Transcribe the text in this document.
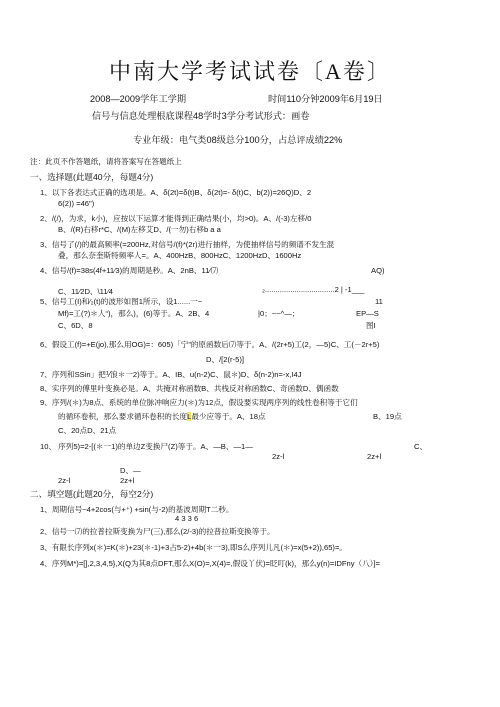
中南大学考试试卷〔A卷〕
2008—2009学年工学期	时间110分钟2009年6月19日
信号与信息处理根底课程48学时3学分考试形式：画卷
专业年级：电气类08级总分100分，占总评成绩22%
注：此页不作答题纸，请将答案写在答题纸上
一、选择题(此题40分，每题4分)
1、以下各表达式正确的选项是。A、δ(2t)=δ(t)B、δ(2t)=- δ(t)C、b(2))=26Q)D、2
6(2)) =46")
2、/(/)，为求，k小)，应按以下运算才能得到正确结果(小，均>0)。A、/(-3)左移/0
B、/(R)右移r*C、/(M)左移艾D、/(一勿)右移b a a
3、信号了(/)的最高频率(=200Hz,对信号/(f)*(2r)进行抽样，为使抽样信号的频谱不发生混
叠，那么奈奎斯特频率人=。A、400HzB、800HzC、1200HzD、1600Hz
4、信号/(f)=38s(4f+11⁄3)的周期是秒。A、2nB、11⁄⑺	AQ)
C、11⁄2D、\11⁄4	₂.................................2 | -1___
5、信号工(I)和⁄₂(t)的波形如图1所示，设1......一~	11
Mf)=工(?)＊人“)，那么)，(6)等于。A、2B、4	|0；~~^—；	EP—S
C、6D、8	图I
6、假设工(f)=+E(jo),那么用OG)=：605)「宁”的原函数后⑺等于。A、/(2r+5)工(2，—5)C、工(－2r+5)
D、/[2(r-5)]
7、序列和SSin」把⅟浪＊一2)等于。A、IB、u(n-2)C、鼠＊)D、δ(n-2)n=-x,I4J
8、实序列的傅里叶变换必是。A、共掩对称函数B、共栈反对称函数C、奇函数D、偶函数
9、序列/(＊)为8点、系统的单位脉冲响应力(＊)为12点，假设要实现两序列的线性卷积等于它们
的循环卷积，那么要求循环卷积的长度L最少应等于。A、18点	B、19点
C、20点D、21点
10、 序列5)=2-[(＊一1)的单边Z变换尸(Z)等于。A、—B、—1—	C、
2z-l	2z+l
D、—
2z-l	2z+l
二、填空题(此题20分，每空2分)
1、周期信号~4+2cos(与+⁺) +sin(与-2)的基波周期T二秒。
4 3 3 6
2、信号一⑺的拉普拉斯变换为尸(三),那么(2/-3)的拉普拉斯变换等于。
3、有限长序列x(＊)=K(＊)+23(＊-1)+3占5-2)+4b(＊一3),即S么序列儿凡(＊)=x(5+2)),65)=。
4、序列M*)=[],2,3,4,5},X(Q为其8点DFT,那么X(O)=,X(4)=,假设丫伏)=眨叮(k)，那么y(n)=IDFny（八）]=
